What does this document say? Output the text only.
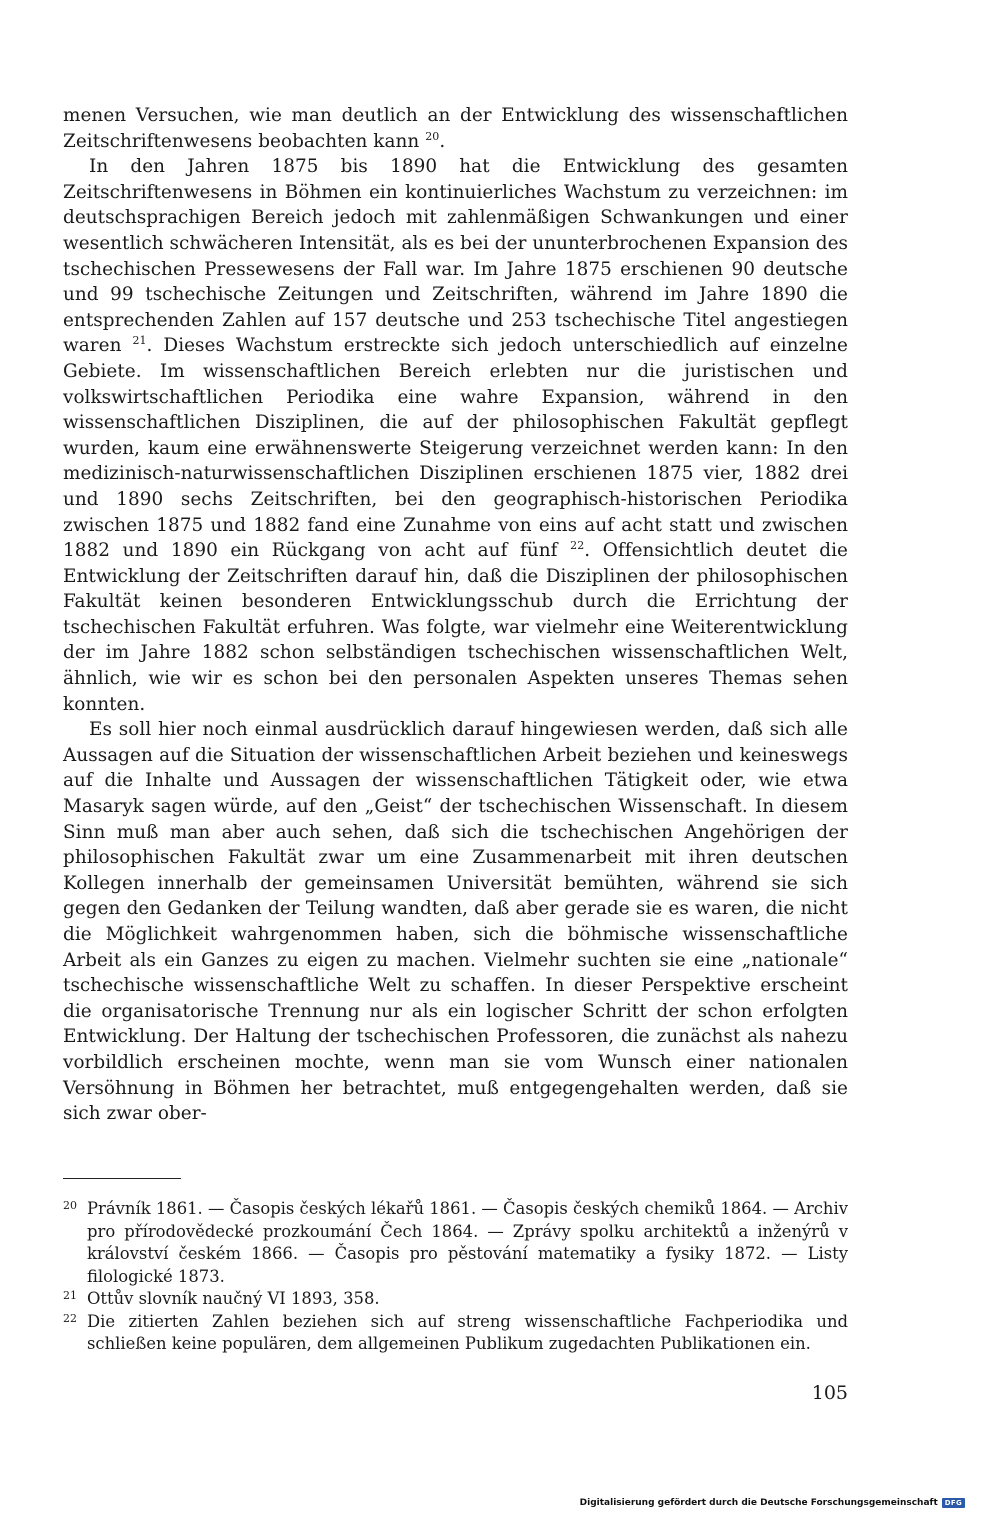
menen Versuchen, wie man deutlich an der Entwicklung des wissenschaftlichen Zeitschriftenwesens beobachten kann $^{20}$.

In den Jahren 1875 bis 1890 hat die Entwicklung des gesamten Zeitschriftenwesens in Böhmen ein kontinuierliches Wachstum zu verzeichnen: im deutschsprachigen Bereich jedoch mit zahlenmäßigen Schwankungen und einer wesentlich schwächeren Intensität, als es bei der ununterbrochenen Expansion des tschechischen Pressewesens der Fall war. Im Jahre 1875 erschienen 90 deutsche und 99 tschechische Zeitungen und Zeitschriften, während im Jahre 1890 die entsprechenden Zahlen auf 157 deutsche und 253 tschechische Titel angestiegen waren $^{21}$. Dieses Wachstum erstreckte sich jedoch unterschiedlich auf einzelne Gebiete. Im wissenschaftlichen Bereich erlebten nur die juristischen und volkswirtschaftlichen Periodika eine wahre Expansion, während in den wissenschaftlichen Disziplinen, die auf der philosophischen Fakultät gepflegt wurden, kaum eine erwähnenswerte Steigerung verzeichnet werden kann: In den medizinisch-naturwissenschaftlichen Disziplinen erschienen 1875 vier, 1882 drei und 1890 sechs Zeitschriften, bei den geographisch-historischen Periodika zwischen 1875 und 1882 fand eine Zunahme von eins auf acht statt und zwischen 1882 und 1890 ein Rückgang von acht auf fünf $^{22}$. Offensichtlich deutet die Entwicklung der Zeitschriften darauf hin, daß die Disziplinen der philosophischen Fakultät keinen besonderen Entwicklungsschub durch die Errichtung der tschechischen Fakultät erfuhren. Was folgte, war vielmehr eine Weiterentwicklung der im Jahre 1882 schon selbständigen tschechischen wissenschaftlichen Welt, ähnlich, wie wir es schon bei den personalen Aspekten unseres Themas sehen konnten.

Es soll hier noch einmal ausdrücklich darauf hingewiesen werden, daß sich alle Aussagen auf die Situation der wissenschaftlichen Arbeit beziehen und keineswegs auf die Inhalte und Aussagen der wissenschaftlichen Tätigkeit oder, wie etwa Masaryk sagen würde, auf den „Geist“ der tschechischen Wissenschaft. In diesem Sinn muß man aber auch sehen, daß sich die tschechischen Angehörigen der philosophischen Fakultät zwar um eine Zusammenarbeit mit ihren deutschen Kollegen innerhalb der gemeinsamen Universität bemühten, während sie sich gegen den Gedanken der Teilung wandten, daß aber gerade sie es waren, die nicht die Möglichkeit wahrgenommen haben, sich die böhmische wissenschaftliche Arbeit als ein Ganzes zu eigen zu machen. Vielmehr suchten sie eine „nationale“ tschechische wissenschaftliche Welt zu schaffen. In dieser Perspektive erscheint die organisatorische Trennung nur als ein logischer Schritt der schon erfolgten Entwicklung. Der Haltung der tschechischen Professoren, die zunächst als nahezu vorbildlich erscheinen mochte, wenn man sie vom Wunsch einer nationalen Versöhnung in Böhmen her betrachtet, muß entgegengehalten werden, daß sie sich zwar ober-

20 Právník 1861. — Časopis českých lékařů 1861. — Časopis českých chemiků 1864. — Archiv pro přírodovědecké prozkoumání Čech 1864. — Zprávy spolku architektů a inženýrů v království českém 1866. — Časopis pro pěstování matematiky a fysiky 1872. — Listy filologické 1873.
21 Ottův slovník naučný VI 1893, 358.
22 Die zitierten Zahlen beziehen sich auf streng wissenschaftliche Fachperiodika und schließen keine populären, dem allgemeinen Publikum zugedachten Publikationen ein.
105
Digitalisierung gefördert durch die Deutsche Forschungsgemeinschaft	DFG
